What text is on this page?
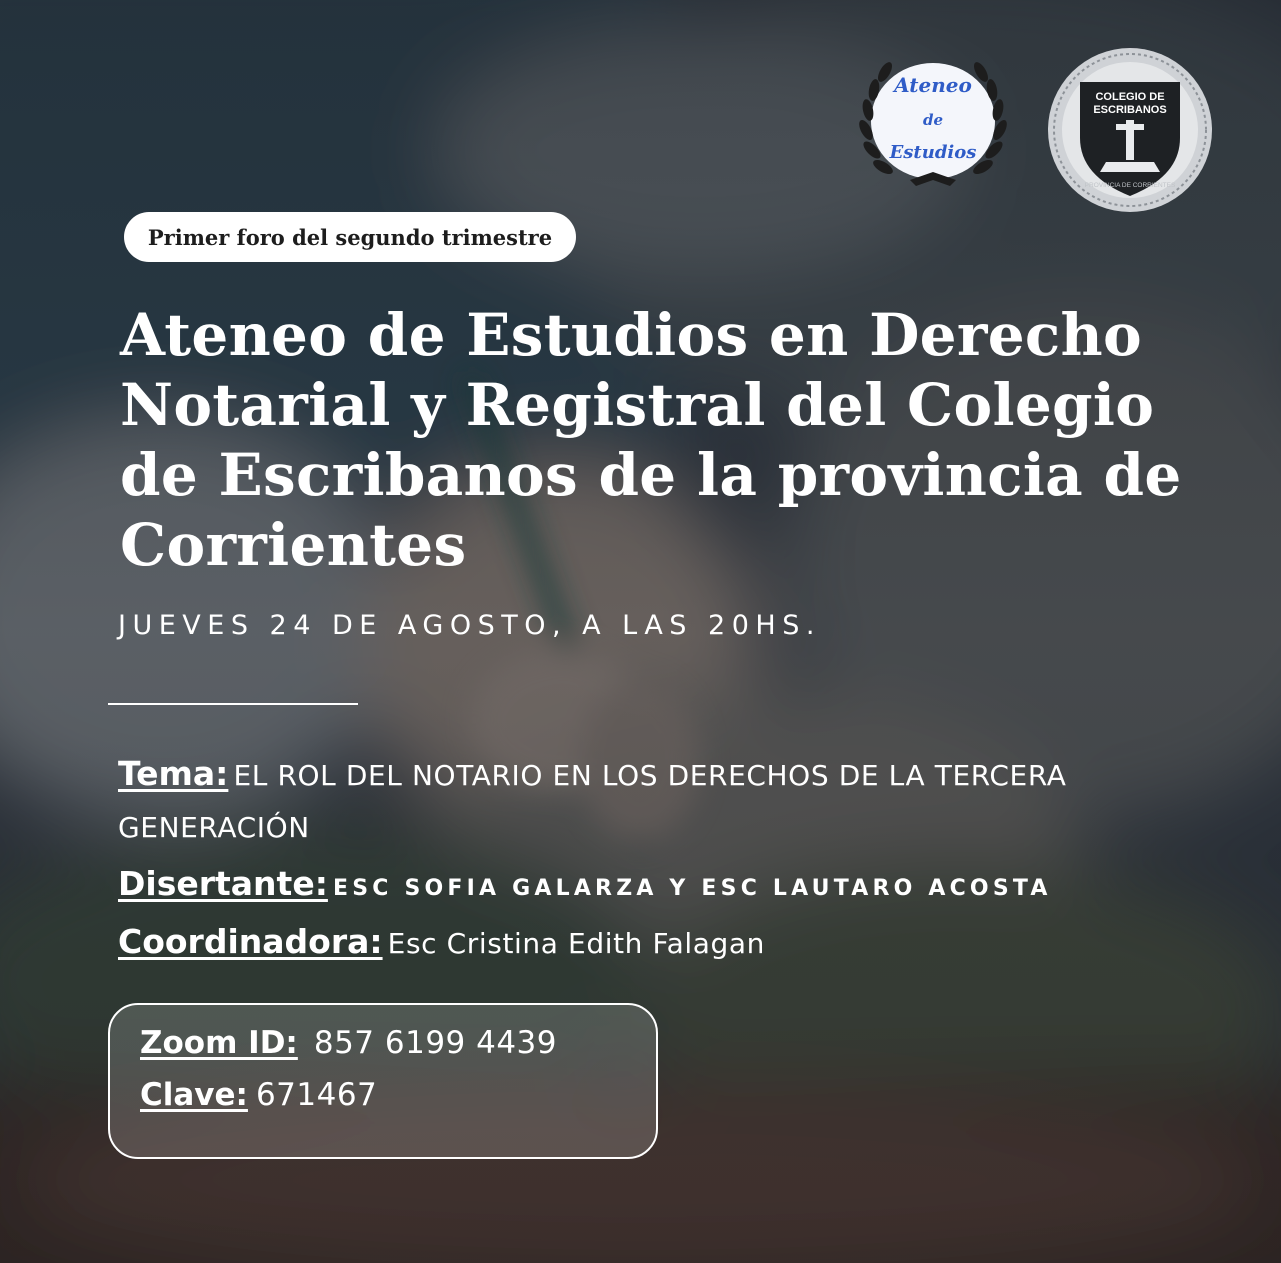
Ateneo
de
Estudios
COLEGIO DE
ESCRIBANOS
PROVINCIA DE CORRIENTES
Primer foro del segundo trimestre
Ateneo de Estudios en Derecho Notarial y Registral del Colegio de Escribanos de la provincia de Corrientes

JUEVES 24 DE AGOSTO, A LAS 20HS.

Tema: EL ROL DEL NOTARIO EN LOS DERECHOS DE LA TERCERA GENERACIÓN

Disertante: ESC SOFIA GALARZA Y ESC LAUTARO ACOSTA

Coordinadora: Esc Cristina Edith Falagan

Zoom ID: 857 6199 4439
Clave: 671467
